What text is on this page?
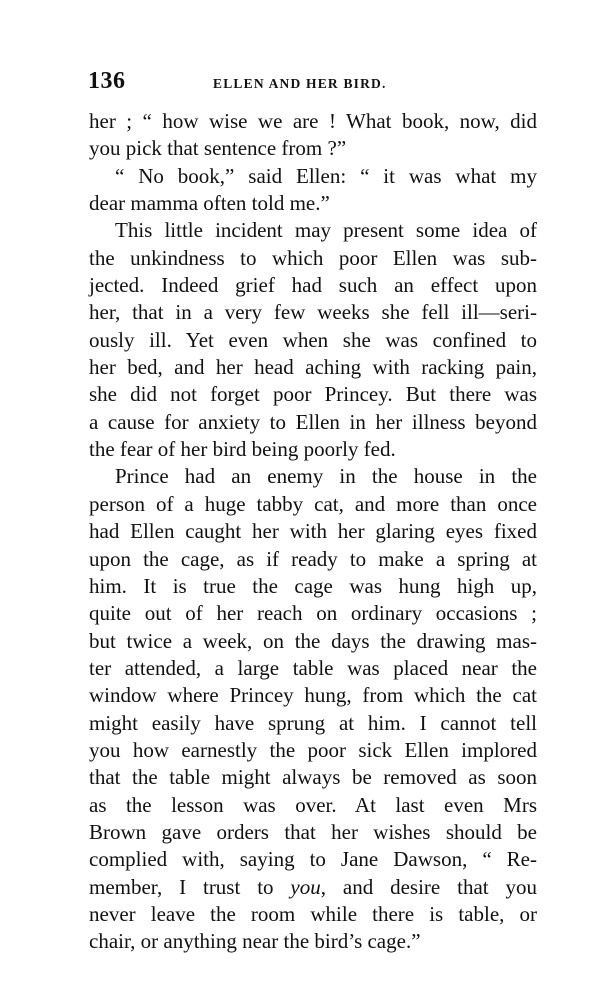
136	ELLEN AND HER BIRD.
her ; “ how wise we are ! What book, now, did
you pick that sentence from ?”
“ No book,” said Ellen: “ it was what my
dear mamma often told me.”
This little incident may present some idea of
the unkindness to which poor Ellen was sub-
jected. Indeed grief had such an effect upon
her, that in a very few weeks she fell ill—seri-
ously ill. Yet even when she was confined to
her bed, and her head aching with racking pain,
she did not forget poor Princey. But there was
a cause for anxiety to Ellen in her illness beyond
the fear of her bird being poorly fed.
Prince had an enemy in the house in the
person of a huge tabby cat, and more than once
had Ellen caught her with her glaring eyes fixed
upon the cage, as if ready to make a spring at
him. It is true the cage was hung high up,
quite out of her reach on ordinary occasions ;
but twice a week, on the days the drawing mas-
ter attended, a large table was placed near the
window where Princey hung, from which the cat
might easily have sprung at him. I cannot tell
you how earnestly the poor sick Ellen implored
that the table might always be removed as soon
as the lesson was over. At last even Mrs
Brown gave orders that her wishes should be
complied with, saying to Jane Dawson, “ Re-
member, I trust to you, and desire that you
never leave the room while there is table, or
chair, or anything near the bird’s cage.”
